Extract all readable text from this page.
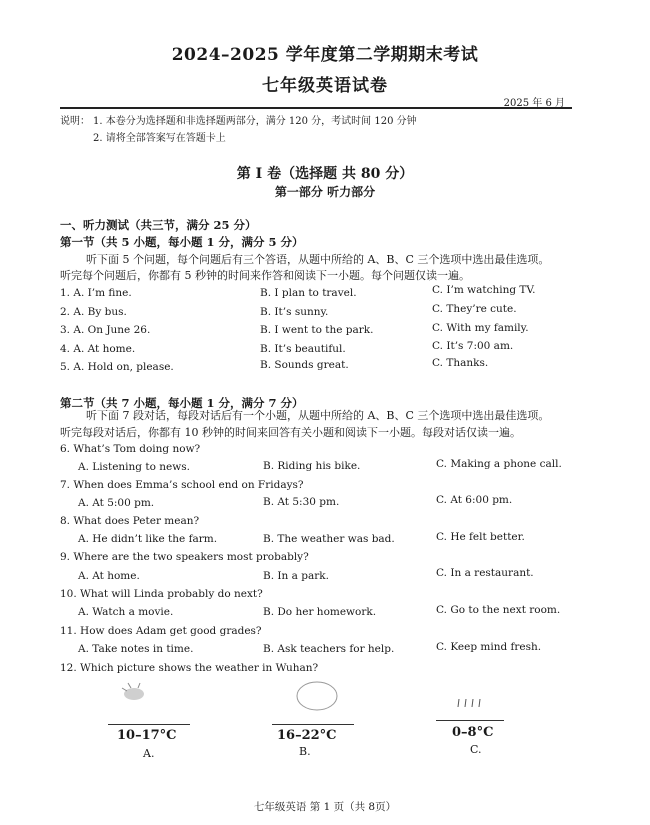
2024–2025 学年度第二学期期末考试
七年级英语试卷
2025 年 6 月
说明： 1. 本卷分为选择题和非选择题两部分，满分 120 分，考试时间 120 分钟
2. 请将全部答案写在答题卡上
第 I 卷（选择题 共 80 分）
第一部分 听力部分
一、听力测试（共三节，满分 25 分）
第一节（共 5 小题，每小题 1 分，满分 5 分）
听下面 5 个问题，每个问题后有三个答语，从题中所给的 A、B、C 三个选项中选出最佳选项。
听完每个问题后，你都有 5 秒钟的时间来作答和阅读下一小题。每个问题仅读一遍。
1. A. I’m fine.	B. I plan to travel.	C. I’m watching TV.
2. A. By bus.	B. It’s sunny.	C. They’re cute.
3. A. On June 26.	B. I went to the park.	C. With my family.
4. A. At home.	B. It’s beautiful.	C. It’s 7:00 am.
5. A. Hold on, please.	B. Sounds great.	C. Thanks.
第二节（共 7 小题，每小题 1 分，满分 7 分）
听下面 7 段对话，每段对话后有一个小题，从题中所给的 A、B、C 三个选项中选出最佳选项。
听完每段对话后，你都有 10 秒钟的时间来回答有关小题和阅读下一小题。每段对话仅读一遍。
6. What’s Tom doing now?
A. Listening to news.	B. Riding his bike.	C. Making a phone call.
7. When does Emma’s school end on Fridays?
A. At 5:00 pm.	B. At 5:30 pm.	C. At 6:00 pm.
8. What does Peter mean?
A. He didn’t like the farm.	B. The weather was bad.	C. He felt better.
9. Where are the two speakers most probably?
A. At home.	B. In a park.	C. In a restaurant.
10. What will Linda probably do next?
A. Watch a movie.	B. Do her homework.	C. Go to the next room.
11. How does Adam get good grades?
A. Take notes in time.	B. Ask teachers for help.	C. Keep mind fresh.
12. Which picture shows the weather in Wuhan?
10–17°C
A.
16–22°C
B.
0–8°C
C.
七年级英语 第 1 页（共 8页）
